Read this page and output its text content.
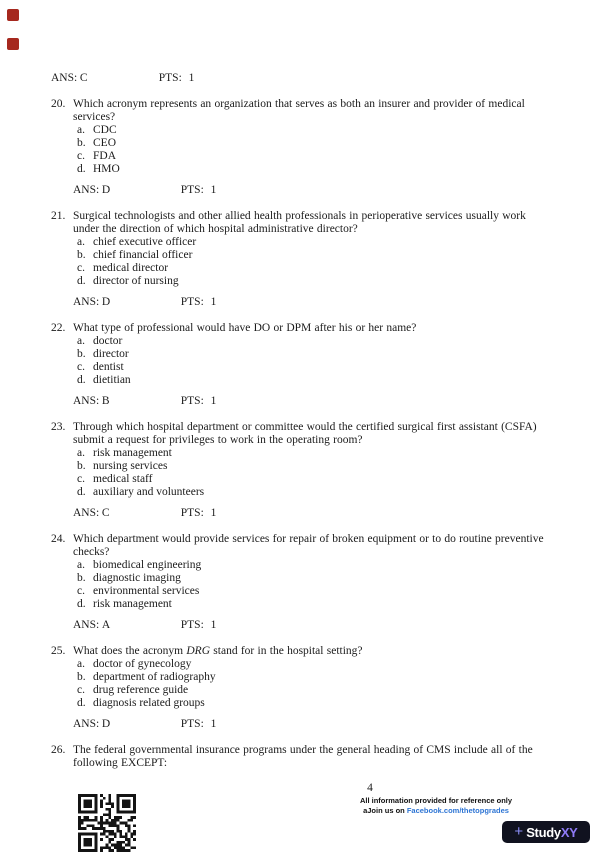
ANS: C	PTS: 1
20. Which acronym represents an organization that serves as both an insurer and provider of medical
services?
a. CDC
b. CEO
c. FDA
d. HMO
ANS: D	PTS: 1
21. Surgical technologists and other allied health professionals in perioperative services usually work
under the direction of which hospital administrative director?
a. chief executive officer
b. chief financial officer
c. medical director
d. director of nursing
ANS: D	PTS: 1
22. What type of professional would have DO or DPM after his or her name?
a. doctor
b. director
c. dentist
d. dietitian
ANS: B	PTS: 1
23. Through which hospital department or committee would the certified surgical first assistant (CSFA)
submit a request for privileges to work in the operating room?
a. risk management
b. nursing services
c. medical staff
d. auxiliary and volunteers
ANS: C	PTS: 1
24. Which department would provide services for repair of broken equipment or to do routine preventive
checks?
a. biomedical engineering
b. diagnostic imaging
c. environmental services
d. risk management
ANS: A	PTS: 1
25. What does the acronym DRG stand for in the hospital setting?
a. doctor of gynecology
b. department of radiography
c. drug reference guide
d. diagnosis related groups
ANS: D	PTS: 1
26. The federal governmental insurance programs under the general heading of CMS include all of the
following EXCEPT:
4
All information provided for reference only
aJoin us on Facebook.com/thetopgrades
+ Study XY
